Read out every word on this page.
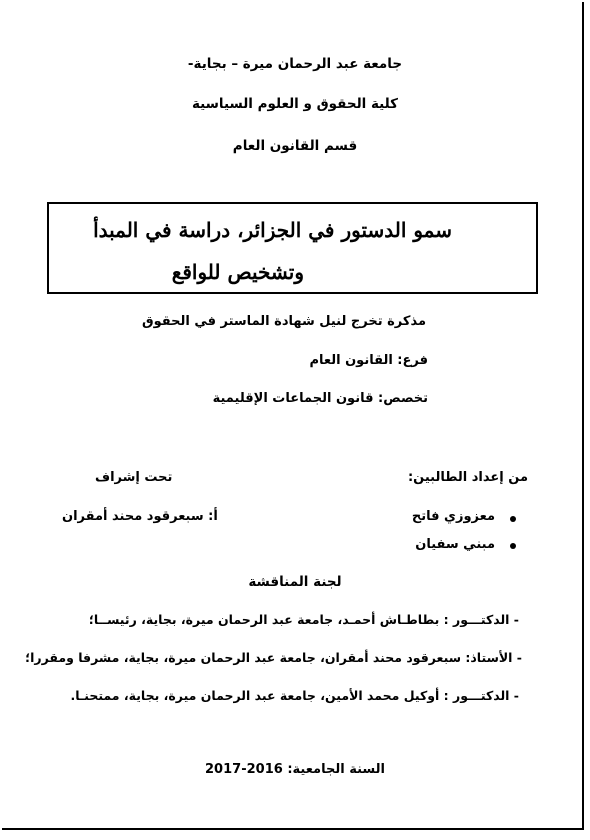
جامعة عبد الرحمان ميرة – بجاية-
كلية الحقوق و العلوم السياسية
قسم القانون العام
سمو الدستور في الجزائر، دراسة في المبدأ
وتشخيص للواقع
مذكرة تخرج لنيل شهادة الماستر في الحقوق
فرع: القانون العام
تخصص: قانون الجماعات الإقليمية
من إعداد الطالبين:
تحت إشراف
معزوزي فاتح
أ: سبعرقود محند أمقران
مبني سفيان
لجنة المناقشة
- الدكتـــور : بطاطـاش أحمـد، جامعة عبد الرحمان ميرة، بجاية، رئيســا؛
- الأستاذ: سبعرقود محند أمقران، جامعة عبد الرحمان ميرة، بجاية، مشرفا ومقررا؛
- الدكتـــور : أوكيل محمد الأمين، جامعة عبد الرحمان ميرة، بجاية، ممتحنـا.
السنة الجامعية: 2016-2017
